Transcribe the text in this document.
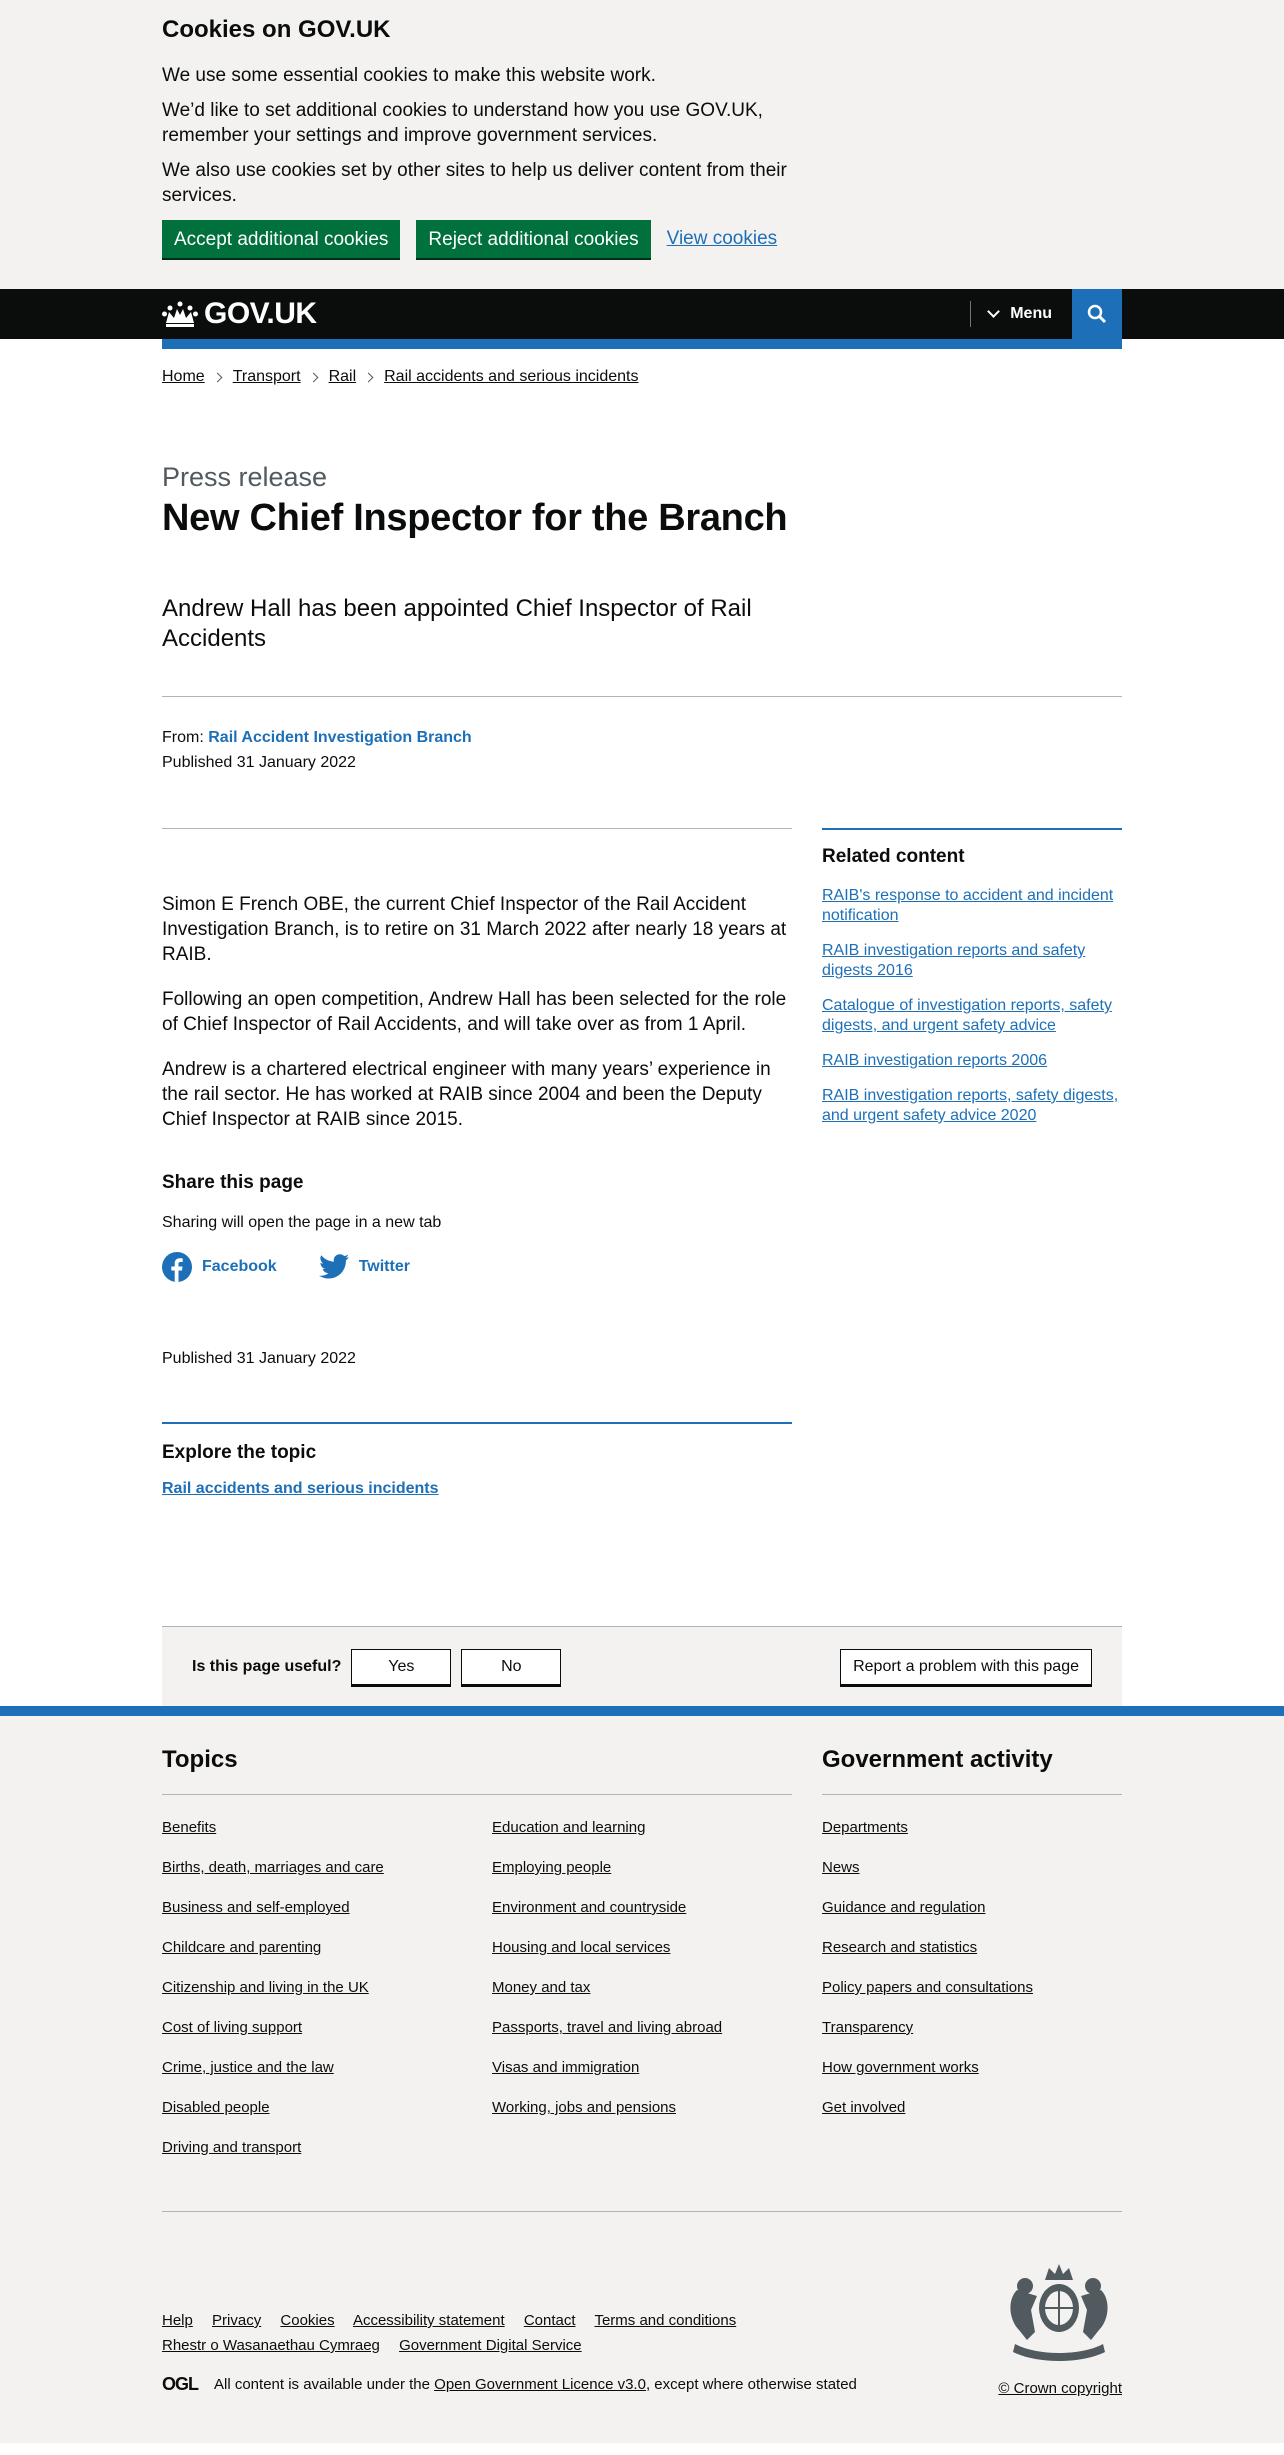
Cookies on GOV.UK

We use some essential cookies to make this website work.

We’d like to set additional cookies to understand how you use GOV.UK, remember your settings and improve government services.

We also use cookies set by other sites to help us deliver content from their services.

Accept additional cookies	Reject additional cookies	View cookies
GOV.UK	Menu
Home Transport Rail Rail accidents and serious incidents
Press release
New Chief Inspector for the Branch

Andrew Hall has been appointed Chief Inspector of Rail Accidents

From: Rail Accident Investigation Branch
Published 31 January 2022

Simon E French OBE, the current Chief Inspector of the Rail Accident Investigation Branch, is to retire on 31 March 2022 after nearly 18 years at RAIB.

Following an open competition, Andrew Hall has been selected for the role of Chief Inspector of Rail Accidents, and will take over as from 1 April.

Andrew is a chartered electrical engineer with many years’ experience in the rail sector. He has worked at RAIB since 2004 and been the Deputy Chief Inspector at RAIB since 2015.

Share this page

Sharing will open the page in a new tab

Facebook	Twitter

Published 31 January 2022

Explore the topic
Rail accidents and serious incidents
Related content
RAIB's response to accident and incident notification
RAIB investigation reports and safety digests 2016
Catalogue of investigation reports, safety digests, and urgent safety advice
RAIB investigation reports 2006
RAIB investigation reports, safety digests, and urgent safety advice 2020
Is this page useful?	Yes	No	Report a problem with this page
Topics
Benefits
Births, death, marriages and care
Business and self-employed
Childcare and parenting
Citizenship and living in the UK
Cost of living support
Crime, justice and the law
Disabled people
Driving and transport
Education and learning
Employing people
Environment and countryside
Housing and local services
Money and tax
Passports, travel and living abroad
Visas and immigration
Working, jobs and pensions
Government activity
Departments
News
Guidance and regulation
Research and statistics
Policy papers and consultations
Transparency
How government works
Get involved
Help Privacy Cookies Accessibility statement Contact Terms and conditions
Rhestr o Wasanaethau Cymraeg Government Digital Service
OGL All content is available under the
Open Government Licence v3.0 , except where otherwise stated	© Crown copyright
